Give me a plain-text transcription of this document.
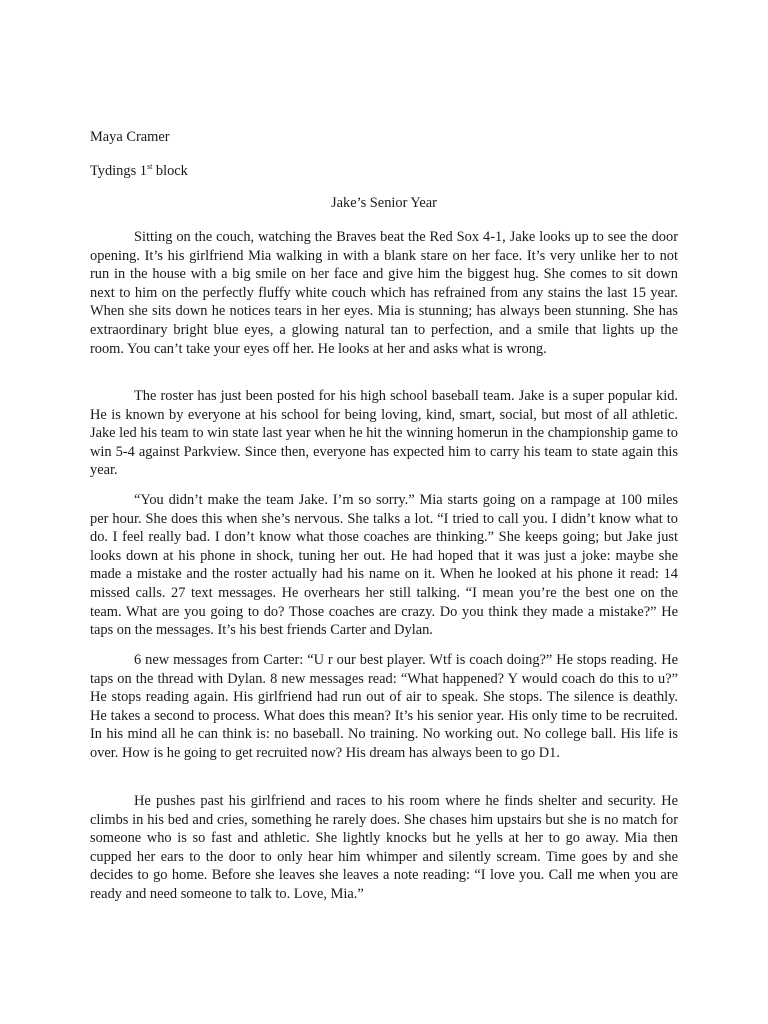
Maya Cramer
Tydings 1st block
Jake’s Senior Year

Sitting on the couch, watching the Braves beat the Red Sox 4-1, Jake looks up to see the door opening. It’s his girlfriend Mia walking in with a blank stare on her face. It’s very unlike her to not run in the house with a big smile on her face and give him the biggest hug. She comes to sit down next to him on the perfectly fluffy white couch which has refrained from any stains the last 15 year. When she sits down he notices tears in her eyes. Mia is stunning; has always been stunning. She has extraordinary bright blue eyes, a glowing natural tan to perfection, and a smile that lights up the room. You can’t take your eyes off her. He looks at her and asks what is wrong.

The roster has just been posted for his high school baseball team. Jake is a super popular kid. He is known by everyone at his school for being loving, kind, smart, social, but most of all athletic. Jake led his team to win state last year when he hit the winning homerun in the championship game to win 5-4 against Parkview. Since then, everyone has expected him to carry his team to state again this year.

“You didn’t make the team Jake. I’m so sorry.” Mia starts going on a rampage at 100 miles per hour. She does this when she’s nervous. She talks a lot. “I tried to call you. I didn’t know what to do. I feel really bad. I don’t know what those coaches are thinking.” She keeps going; but Jake just looks down at his phone in shock, tuning her out. He had hoped that it was just a joke: maybe she made a mistake and the roster actually had his name on it. When he looked at his phone it read: 14 missed calls. 27 text messages. He overhears her still talking. “I mean you’re the best one on the team. What are you going to do? Those coaches are crazy. Do you think they made a mistake?” He taps on the messages. It’s his best friends Carter and Dylan.

6 new messages from Carter: “U r our best player. Wtf is coach doing?” He stops reading. He taps on the thread with Dylan. 8 new messages read: “What happened? Y would coach do this to u?” He stops reading again. His girlfriend had run out of air to speak. She stops. The silence is deathly. He takes a second to process. What does this mean? It’s his senior year. His only time to be recruited. In his mind all he can think is: no baseball. No training. No working out. No college ball. His life is over. How is he going to get recruited now? His dream has always been to go D1.

He pushes past his girlfriend and races to his room where he finds shelter and security. He climbs in his bed and cries, something he rarely does. She chases him upstairs but she is no match for someone who is so fast and athletic. She lightly knocks but he yells at her to go away. Mia then cupped her ears to the door to only hear him whimper and silently scream. Time goes by and she decides to go home. Before she leaves she leaves a note reading: “I love you. Call me when you are ready and need someone to talk to. Love, Mia.”
